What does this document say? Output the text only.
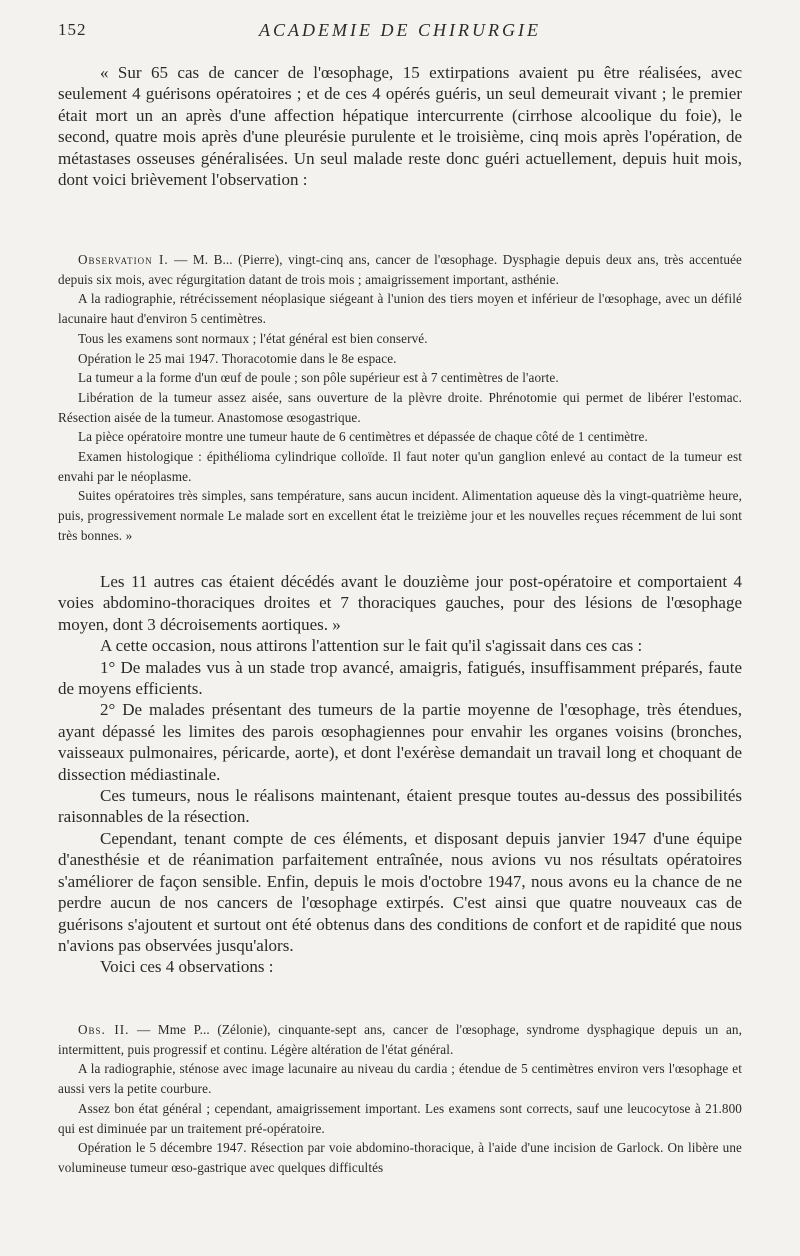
152	ACADEMIE DE CHIRURGIE

« Sur 65 cas de cancer de l'œsophage, 15 extirpations avaient pu être réalisées, avec seulement 4 guérisons opératoires ; et de ces 4 opérés guéris, un seul demeurait vivant ; le premier était mort un an après d'une affection hépatique intercurrente (cirrhose alcoolique du foie), le second, quatre mois après d'une pleurésie purulente et le troisième, cinq mois après l'opération, de métastases osseuses généralisées. Un seul malade reste donc guéri actuellement, depuis huit mois, dont voici brièvement l'observation :

Observation I. — M. B... (Pierre), vingt-cinq ans, cancer de l'œsophage. Dysphagie depuis deux ans, très accentuée depuis six mois, avec régurgitation datant de trois mois ; amaigrissement important, asthénie.

A la radiographie, rétrécissement néoplasique siégeant à l'union des tiers moyen et inférieur de l'œsophage, avec un défilé lacunaire haut d'environ 5 centimètres.

Tous les examens sont normaux ; l'état général est bien conservé.

Opération le 25 mai 1947. Thoracotomie dans le 8e espace.

La tumeur a la forme d'un œuf de poule ; son pôle supérieur est à 7 centimètres de l'aorte.

Libération de la tumeur assez aisée, sans ouverture de la plèvre droite. Phrénotomie qui permet de libérer l'estomac. Résection aisée de la tumeur. Anastomose œsogastrique.

La pièce opératoire montre une tumeur haute de 6 centimètres et dépassée de chaque côté de 1 centimètre.

Examen histologique : épithélioma cylindrique colloïde. Il faut noter qu'un ganglion enlevé au contact de la tumeur est envahi par le néoplasme.

Suites opératoires très simples, sans température, sans aucun incident. Alimentation aqueuse dès la vingt-quatrième heure, puis, progressivement normale Le malade sort en excellent état le treizième jour et les nouvelles reçues récemment de lui sont très bonnes. »

Les 11 autres cas étaient décédés avant le douzième jour post-opératoire et comportaient 4 voies abdomino-thoraciques droites et 7 thoraciques gauches, pour des lésions de l'œsophage moyen, dont 3 décroisements aortiques. »

A cette occasion, nous attirons l'attention sur le fait qu'il s'agissait dans ces cas :

1° De malades vus à un stade trop avancé, amaigris, fatigués, insuffisamment préparés, faute de moyens efficients.

2° De malades présentant des tumeurs de la partie moyenne de l'œsophage, très étendues, ayant dépassé les limites des parois œsophagiennes pour envahir les organes voisins (bronches, vaisseaux pulmonaires, péricarde, aorte), et dont l'exérèse demandait un travail long et choquant de dissection médiastinale.

Ces tumeurs, nous le réalisons maintenant, étaient presque toutes au-dessus des possibilités raisonnables de la résection.

Cependant, tenant compte de ces éléments, et disposant depuis janvier 1947 d'une équipe d'anesthésie et de réanimation parfaitement entraînée, nous avions vu nos résultats opératoires s'améliorer de façon sensible. Enfin, depuis le mois d'octobre 1947, nous avons eu la chance de ne perdre aucun de nos cancers de l'œsophage extirpés. C'est ainsi que quatre nouveaux cas de guérisons s'ajoutent et surtout ont été obtenus dans des conditions de confort et de rapidité que nous n'avions pas observées jusqu'alors.

Voici ces 4 observations :

Obs. II. — Mme P... (Zélonie), cinquante-sept ans, cancer de l'œsophage, syndrome dysphagique depuis un an, intermittent, puis progressif et continu. Légère altération de l'état général.

A la radiographie, sténose avec image lacunaire au niveau du cardia ; étendue de 5 centimètres environ vers l'œsophage et aussi vers la petite courbure.

Assez bon état général ; cependant, amaigrissement important. Les examens sont corrects, sauf une leucocytose à 21.800 qui est diminuée par un traitement pré-opératoire.

Opération le 5 décembre 1947. Résection par voie abdomino-thoracique, à l'aide d'une incision de Garlock. On libère une volumineuse tumeur œso-gastrique avec quelques difficultés
